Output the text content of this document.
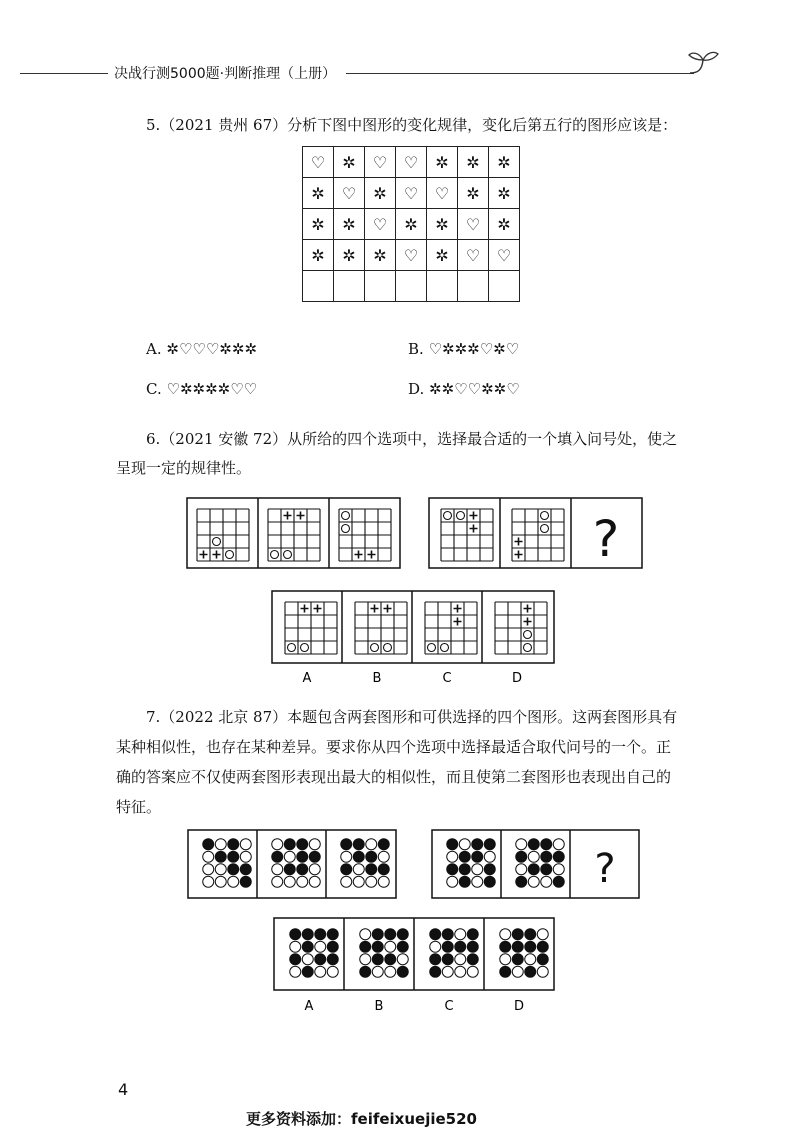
决战行测5000题·判断推理（上册）
5.（2021 贵州 67）分析下图中图形的变化规律，变化后第五行的图形应该是：
♡	✲	♡	♡	✲	✲	✲
✲	♡	✲	♡	♡	✲	✲
✲	✲	♡	✲	✲	♡	✲
✲	✲	✲	♡	✲	♡	♡

A. ✲♡♡♡✲✲✲	B. ♡✲✲✲♡✲♡
C. ♡✲✲✲✲♡♡	D. ✲✲♡♡✲✲♡
6.（2021 安徽 72）从所给的四个选项中，选择最合适的一个填入问号处，使之
呈现一定的规律性。
?
A	B	C	D
7.（2022 北京 87）本题包含两套图形和可供选择的四个图形。这两套图形具有
某种相似性，也存在某种差异。要求你从四个选项中选择最适合取代问号的一个。正
确的答案应不仅使两套图形表现出最大的相似性，而且使第二套图形也表现出自己的
特征。
?
A	B	C	D
4
更多资料添加：feifeixuejie520
